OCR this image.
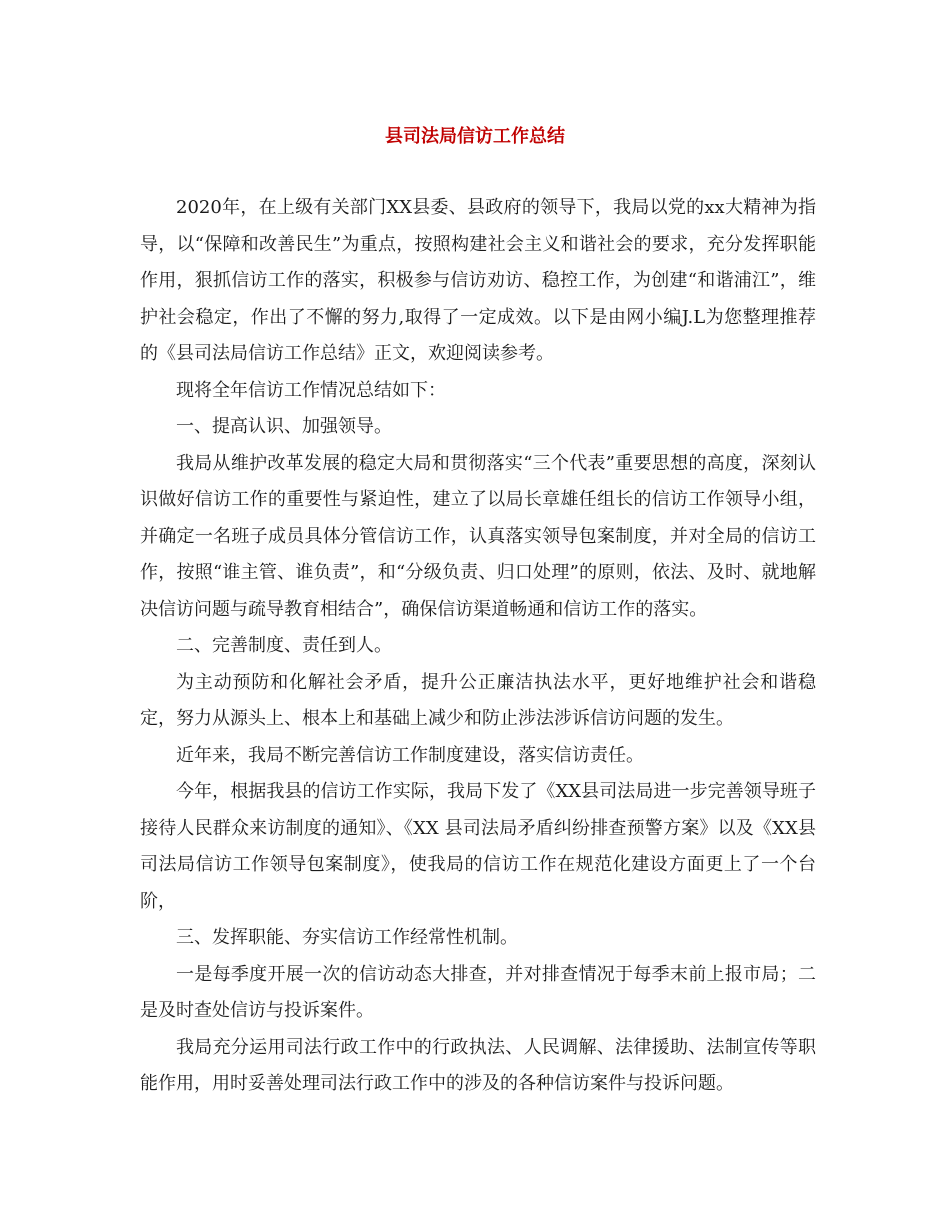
县司法局信访工作总结

2020年，在上级有关部门XX县委、县政府的领导下，我局以党的xx大精神为指导，以“保障和改善民生”为重点，按照构建社会主义和谐社会的要求，充分发挥职能作用，狠抓信访工作的落实，积极参与信访劝访、稳控工作，为创建“和谐浦江”，维护社会稳定，作出了不懈的努力,取得了一定成效。以下是由网小编J.L为您整理推荐的《县司法局信访工作总结》正文，欢迎阅读参考。

现将全年信访工作情况总结如下：

一、提高认识、加强领导。

我局从维护改革发展的稳定大局和贯彻落实“三个代表”重要思想的高度，深刻认识做好信访工作的重要性与紧迫性，建立了以局长章雄任组长的信访工作领导小组，并确定一名班子成员具体分管信访工作，认真落实领导包案制度，并对全局的信访工作，按照“谁主管、谁负责”，和“分级负责、归口处理”的原则，依法、及时、就地解决信访问题与疏导教育相结合”，确保信访渠道畅通和信访工作的落实。

二、完善制度、责任到人。

为主动预防和化解社会矛盾，提升公正廉洁执法水平，更好地维护社会和谐稳定，努力从源头上、根本上和基础上减少和防止涉法涉诉信访问题的发生。

近年来，我局不断完善信访工作制度建设，落实信访责任。

今年，根据我县的信访工作实际，我局下发了《XX县司法局进一步完善领导班子接待人民群众来访制度的通知》、《XX 县司法局矛盾纠纷排查预警方案》以及《XX县司法局信访工作领导包案制度》，使我局的信访工作在规范化建设方面更上了一个台阶，

三、发挥职能、夯实信访工作经常性机制。

一是每季度开展一次的信访动态大排查，并对排查情况于每季末前上报市局；二是及时查处信访与投诉案件。

我局充分运用司法行政工作中的行政执法、人民调解、法律援助、法制宣传等职能作用，用时妥善处理司法行政工作中的涉及的各种信访案件与投诉问题。
